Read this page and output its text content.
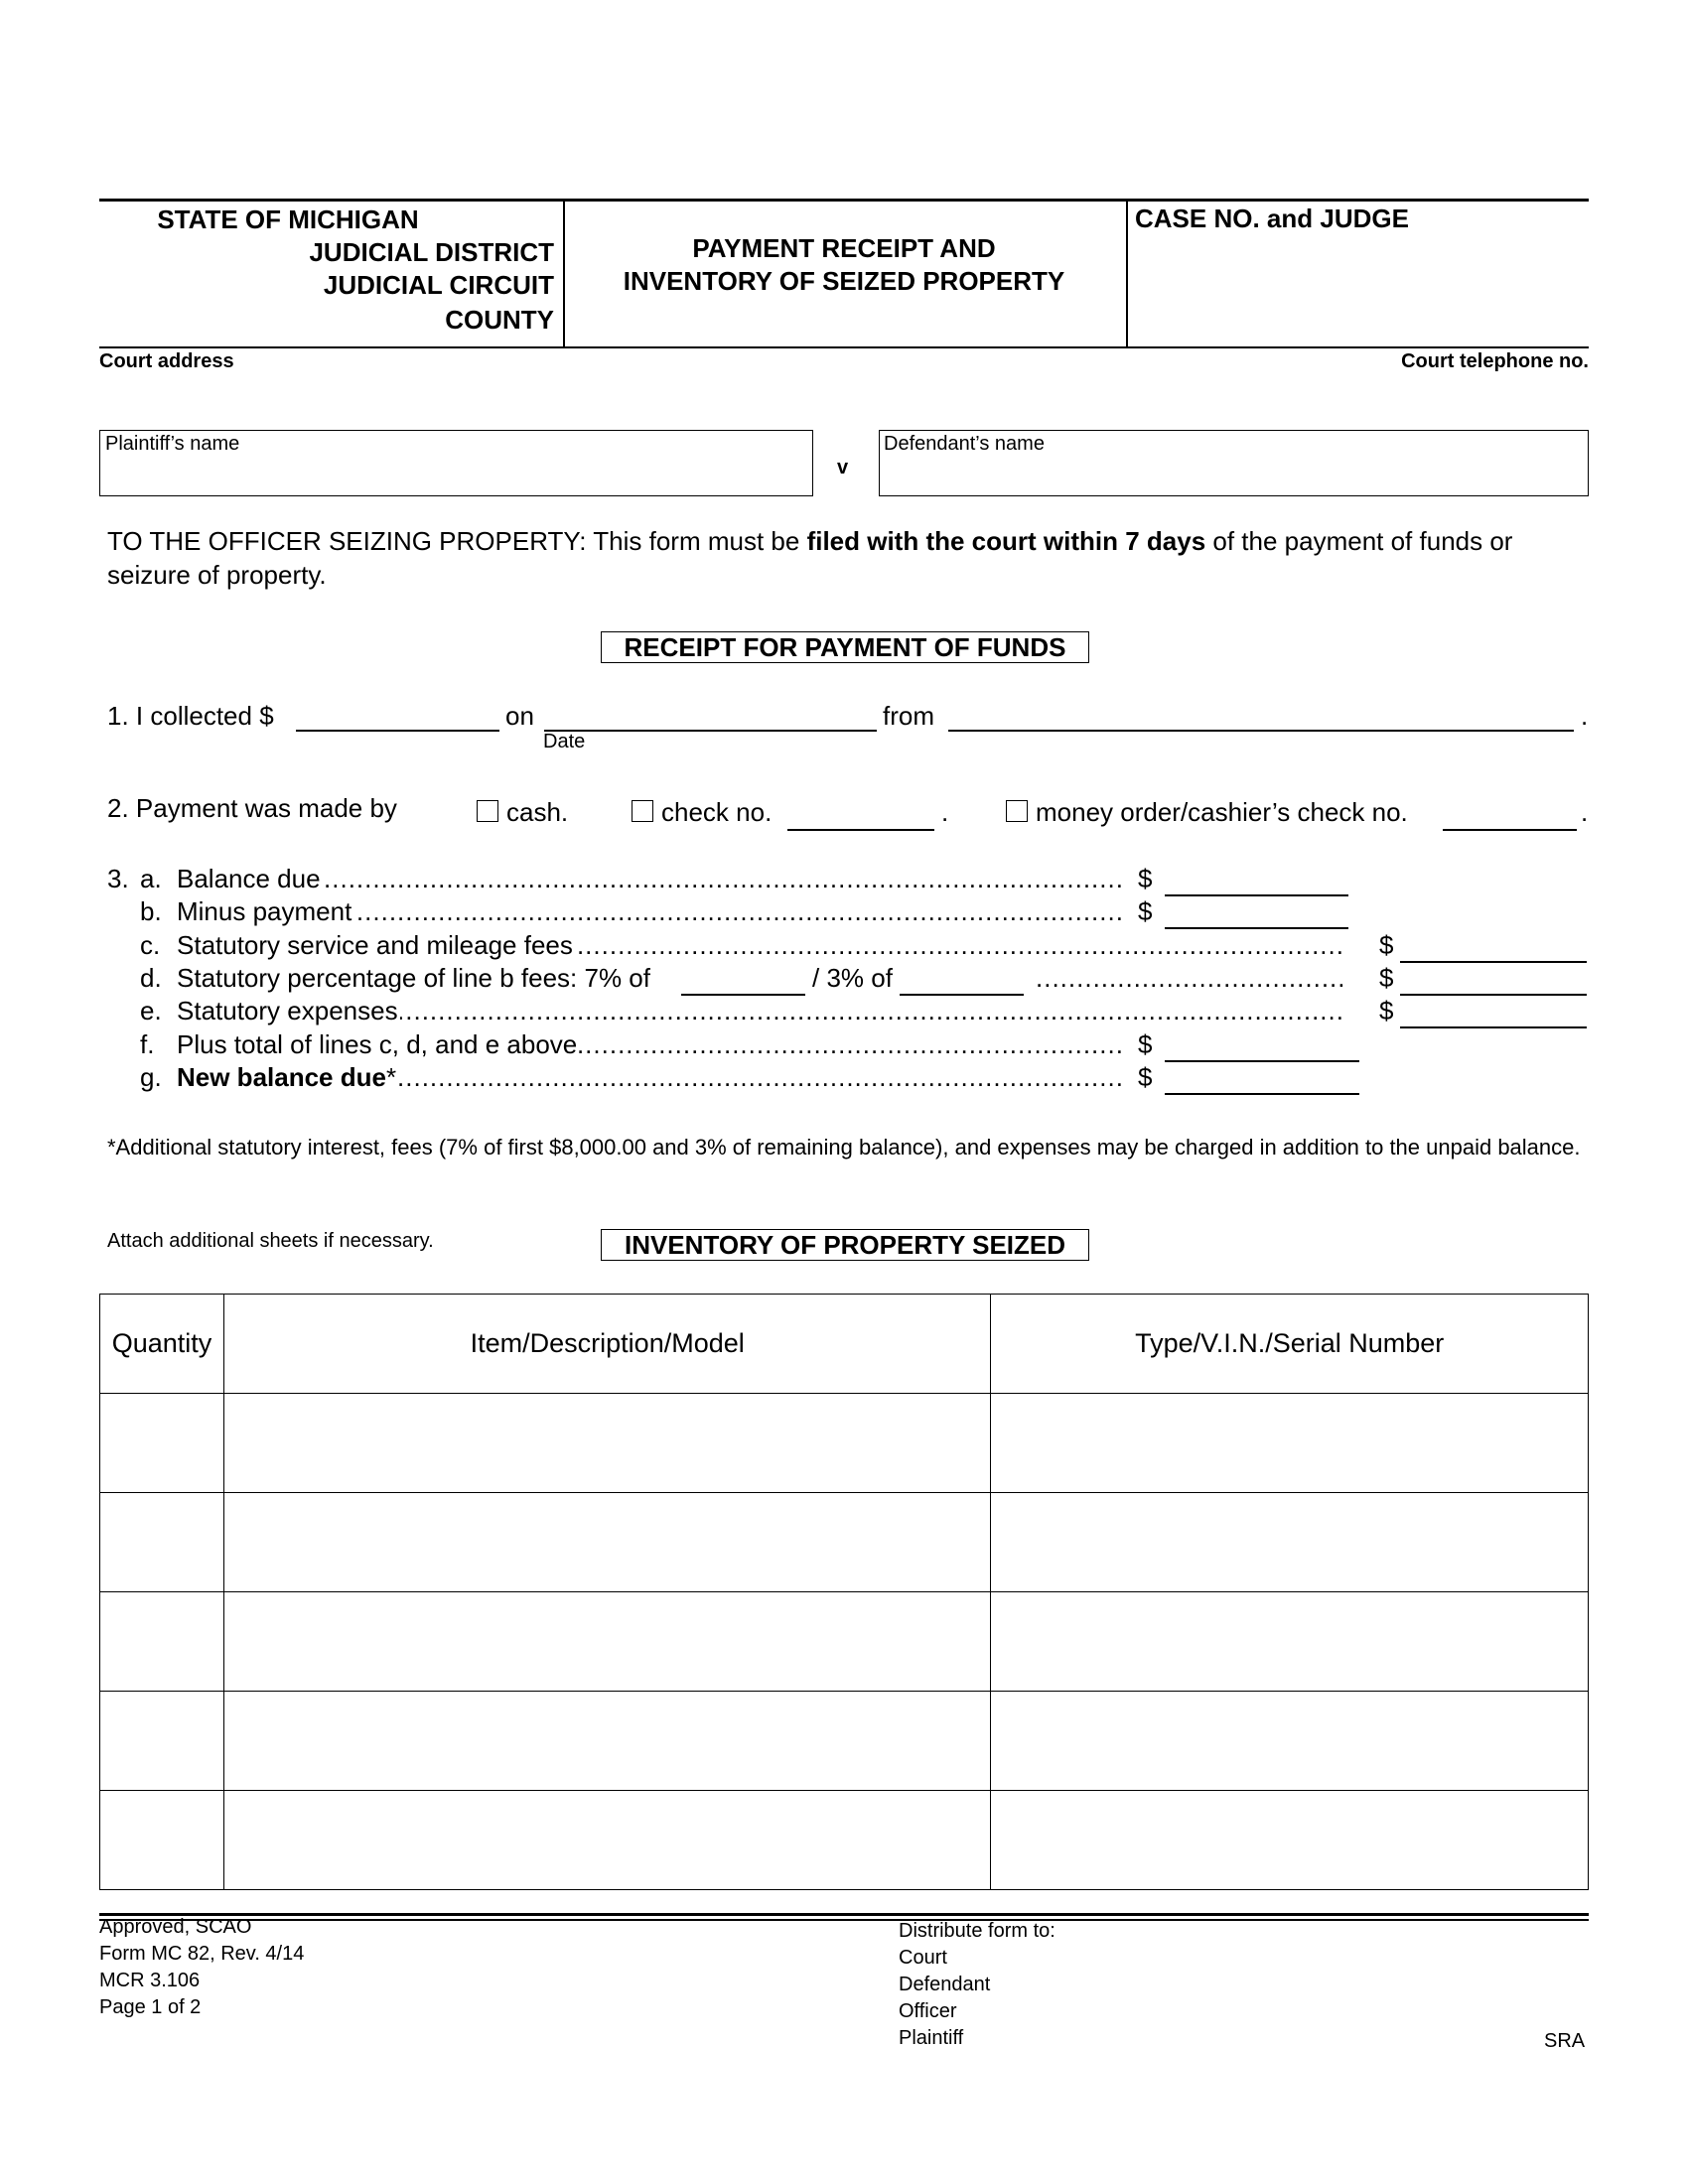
STATE OF MICHIGAN
JUDICIAL DISTRICT
JUDICIAL CIRCUIT
COUNTY
PAYMENT RECEIPT AND
INVENTORY OF SEIZED PROPERTY
CASE NO. and JUDGE
Court address	Court telephone no.
Plaintiff’s name
v
Defendant’s name
TO THE OFFICER SEIZING PROPERTY: This form must be filed with the court within 7 days of the payment of funds or seizure of property.
RECEIPT FOR PAYMENT OF FUNDS
1. I collected $	on
Date
from	.
2. Payment was made by	cash.	check no.	.	money order/cashier’s check no.	.
3. a. ..... Balance due	$
b. ..... Minus payment	$
c. ..... Statutory service and mileage fees	$
d. Statutory percentage of line b fees: 7% of	/ 3% of .....	$
e. ..... Statutory expenses	$
f. ..... Plus total of lines c, d, and e above	$
g. ..... New balance due*	$
*Additional statutory interest, fees (7% of first $8,000.00 and 3% of remaining balance), and expenses may be charged in addition to the unpaid balance.
Attach additional sheets if necessary.	INVENTORY OF PROPERTY SEIZED
Quantity	Item/Description/Model	Type/V.I.N./Serial Number

Approved, SCAO
Form MC 82, Rev. 4/14
MCR 3.106
Page 1 of 2
Distribute form to:
Court
Defendant
Officer
Plaintiff	SRA
